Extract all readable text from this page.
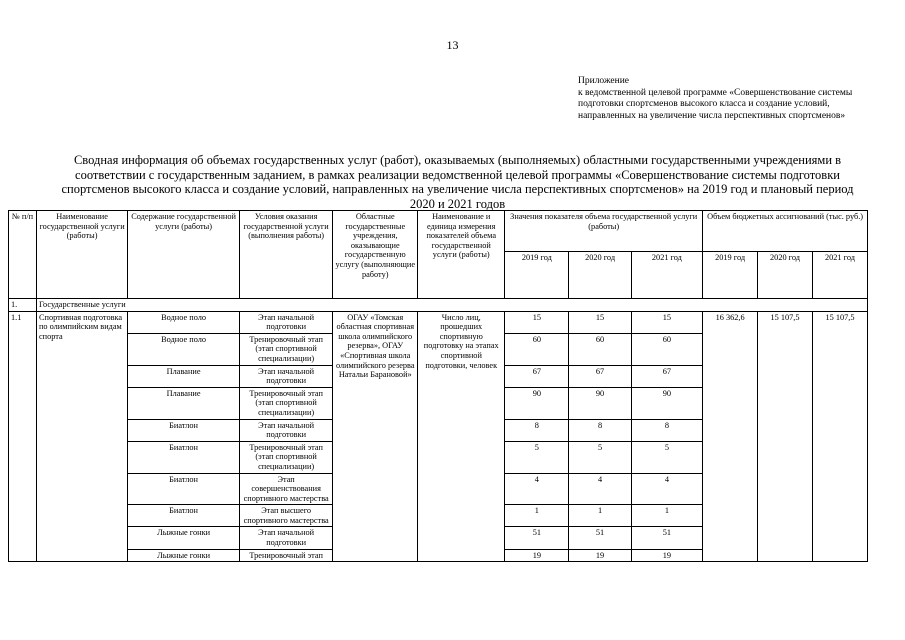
13
Приложение
к ведомственной целевой программе «Совершенствование системы подготовки спортсменов высокого класса и создание условий, направленных на увеличение числа перспективных спортсменов»
Сводная информация об объемах государственных услуг (работ), оказываемых (выполняемых) областными государственными учреждениями в соответствии с государственным заданием, в рамках реализации ведомственной целевой программы «Совершенствование системы подготовки спортсменов высокого класса и создание условий, направленных на увеличение числа перспективных спортсменов» на 2019 год и плановый период 2020 и 2021 годов
№ п/п	Наименование государственной услуги (работы)	Содержание государственной услуги (работы)	Условия оказания государственной услуги (выполнения работы)	Областные государственные учреждения, оказывающие государственную услугу (выполняющие работу)	Наименование и единица измерения показателей объема государственной услуги (работы)	Значения показателя объема государственной услуги (работы)			Объем бюджетных ассигнований (тыс. руб.)		
						2019 год	2020 год	2021 год	2019 год	2020 год	2021 год
1.	Государственные услуги										
1.1	Спортивная подготовка по олимпийским видам спорта	Водное поло	Этап начальной подготовки	ОГАУ «Томская областная спортивная школа олимпийского резерва», ОГАУ «Спортивная школа олимпийского резерва Натальи Барановой»	Число лиц, прошедших спортивную подготовку на этапах спортивной подготовки, человек	15	15	15	16 362,6	15 107,5	15 107,5
		Водное поло	Тренировочный этап (этап спортивной специализации)			60	60	60			
		Плавание	Этап начальной подготовки			67	67	67			
		Плавание	Тренировочный этап (этап спортивной специализации)			90	90	90			
		Биатлон	Этап начальной подготовки			8	8	8			
		Биатлон	Тренировочный этап (этап спортивной специализации)			5	5	5			
		Биатлон	Этап совершенствования спортивного мастерства			4	4	4			
		Биатлон	Этап высшего спортивного мастерства			1	1	1			
		Лыжные гонки	Этап начальной подготовки			51	51	51			
		Лыжные гонки	Тренировочный этап			19	19	19			
